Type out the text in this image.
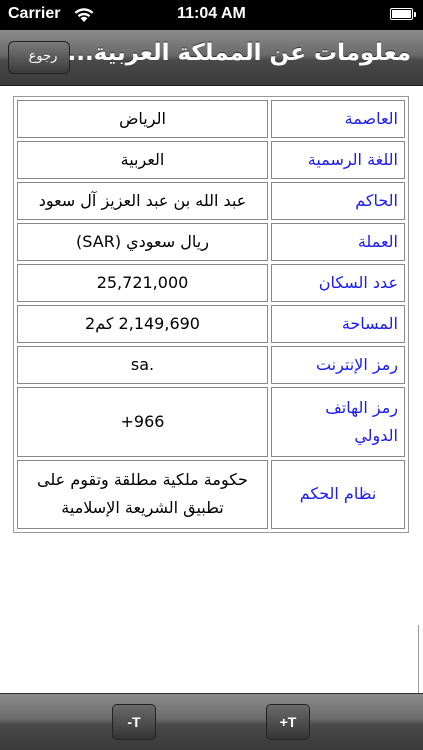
Carrier	11:04 AM
رجوع معلومات عن المملكة العربية...
العاصمة	الرياض
اللغة الرسمية	العربية
الحاكم	عبد الله بن عبد العزيز آل سعود
العملة	ريال سعودي (SAR)
عدد السكان	25,721,000
المساحة	2,149,690 كم2
رمز الإنترنت	sa.
رمز الهاتف الدولي	+966
نظام الحكم	حكومة ملكية مطلقة وتقوم على تطبيق الشريعة الإسلامية
-T	+T
